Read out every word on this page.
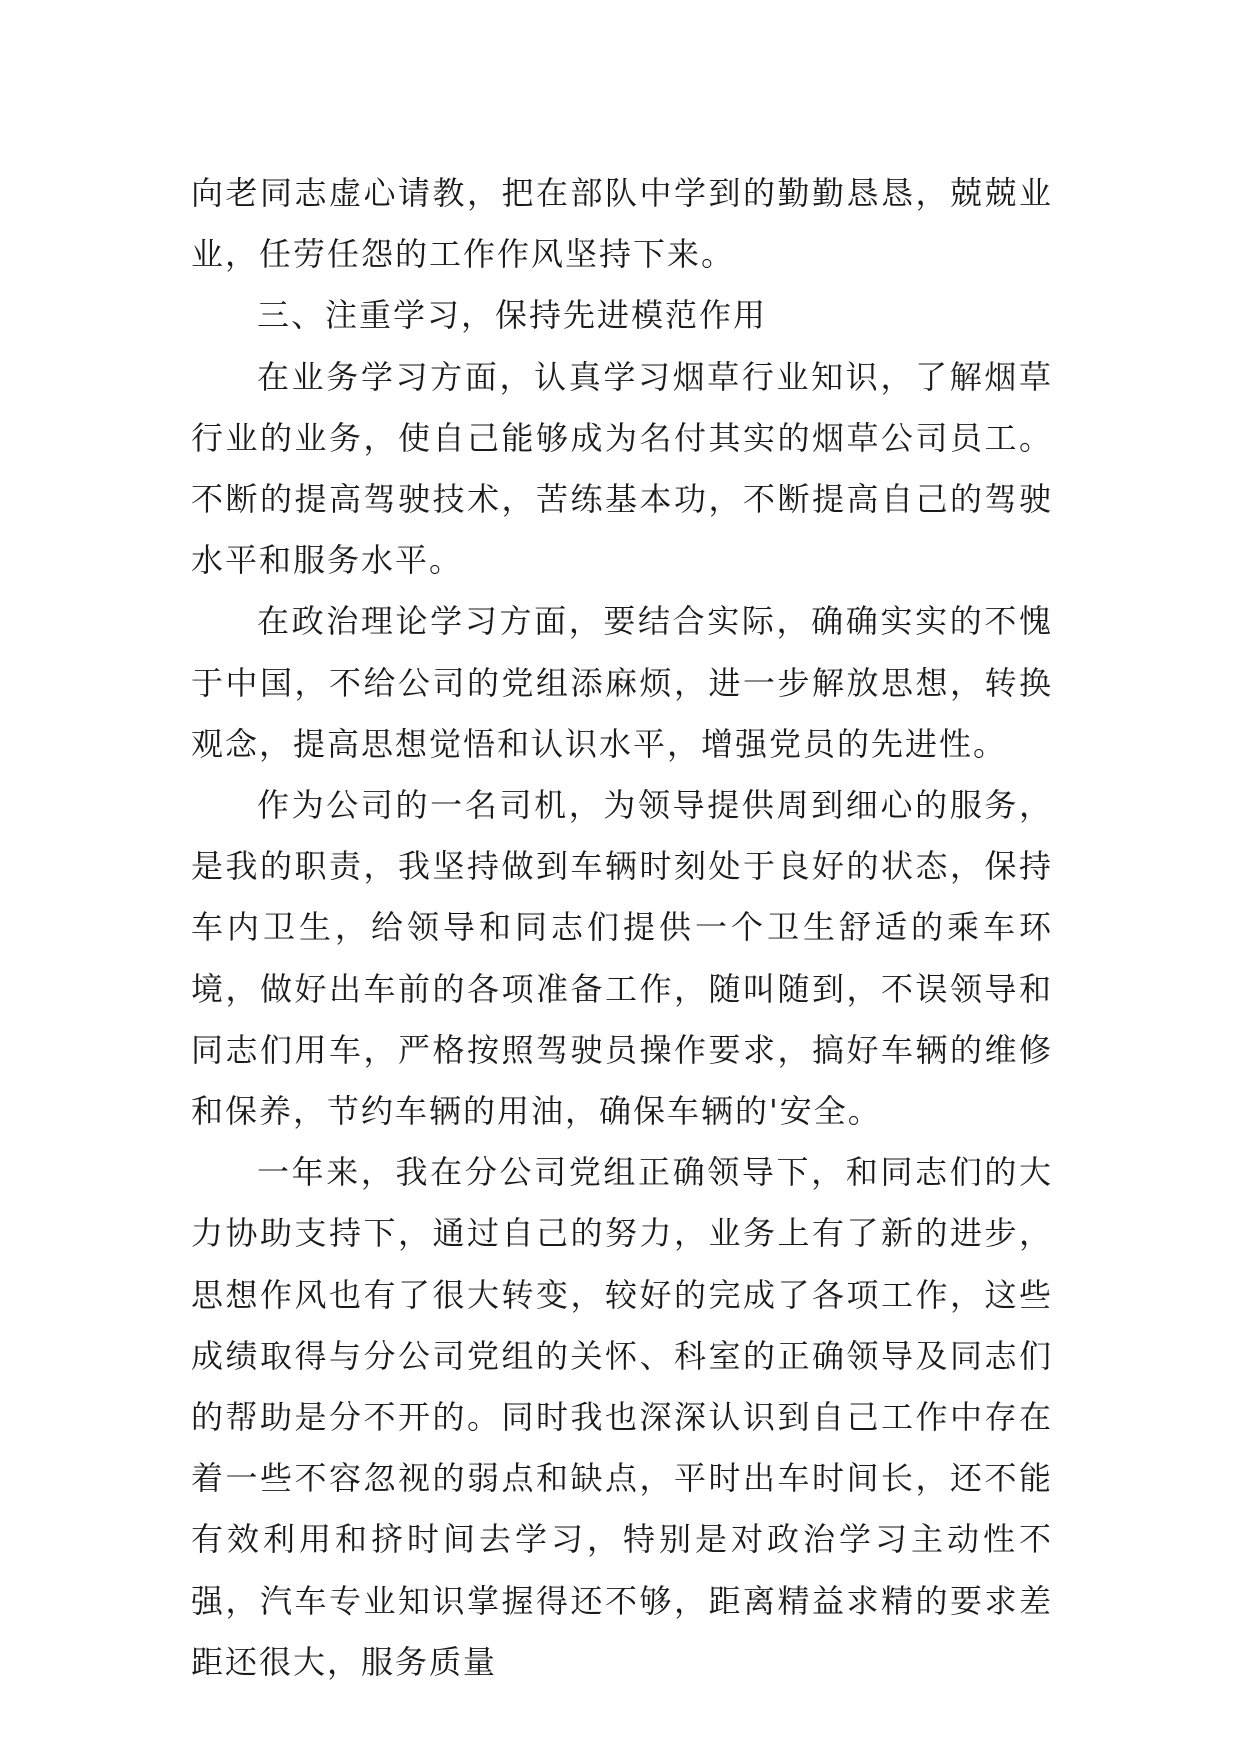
向老同志虚心请教，把在部队中学到的勤勤恳恳，兢兢业业，任劳任怨的工作作风坚持下来。

三、注重学习，保持先进模范作用

在业务学习方面，认真学习烟草行业知识，了解烟草行业的业务，使自己能够成为名付其实的烟草公司员工。不断的提高驾驶技术，苦练基本功，不断提高自己的驾驶水平和服务水平。

在政治理论学习方面，要结合实际，确确实实的不愧于中国，不给公司的党组添麻烦，进一步解放思想，转换观念，提高思想觉悟和认识水平，增强党员的先进性。

作为公司的一名司机，为领导提供周到细心的服务，是我的职责，我坚持做到车辆时刻处于良好的状态，保持车内卫生，给领导和同志们提供一个卫生舒适的乘车环境，做好出车前的各项准备工作，随叫随到，不误领导和同志们用车，严格按照驾驶员操作要求，搞好车辆的维修和保养，节约车辆的用油，确保车辆的'安全。

一年来，我在分公司党组正确领导下，和同志们的大力协助支持下，通过自己的努力，业务上有了新的进步，思想作风也有了很大转变，较好的完成了各项工作，这些成绩取得与分公司党组的关怀、科室的正确领导及同志们的帮助是分不开的。同时我也深深认识到自己工作中存在着一些不容忽视的弱点和缺点，平时出车时间长，还不能有效利用和挤时间去学习，特别是对政治学习主动性不强，汽车专业知识掌握得还不够，距离精益求精的要求差距还很大，服务质量
